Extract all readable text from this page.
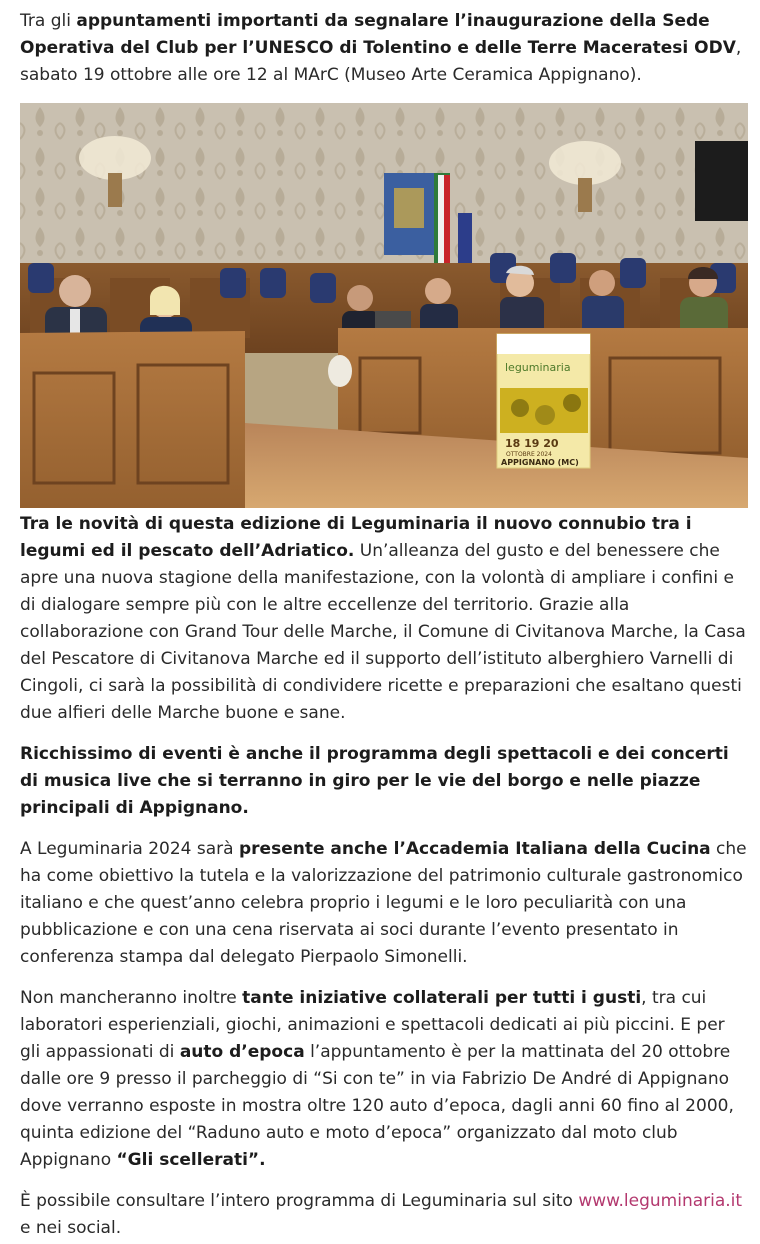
Tra gli appuntamenti importanti da segnalare l’inaugurazione della Sede Operativa del Club per l’UNESCO di Tolentino e delle Terre Maceratesi ODV, sabato 19 ottobre alle ore 12 al MArC (Museo Arte Ceramica Appignano).

leguminaria
18 19 20
OTTOBRE 2024
APPIGNANO (MC)

Tra le novità di questa edizione di Leguminaria il nuovo connubio tra i legumi ed il pescato dell’Adriatico. Un’alleanza del gusto e del benessere che apre una nuova stagione della manifestazione, con la volontà di ampliare i confini e di dialogare sempre più con le altre eccellenze del territorio. Grazie alla collaborazione con Grand Tour delle Marche, il Comune di Civitanova Marche, la Casa del Pescatore di Civitanova Marche ed il supporto dell’istituto alberghiero Varnelli di Cingoli, ci sarà la possibilità di condividere ricette e preparazioni che esaltano questi due alfieri delle Marche buone e sane.

Ricchissimo di eventi è anche il programma degli spettacoli e dei concerti di musica live che si terranno in giro per le vie del borgo e nelle piazze principali di Appignano.

A Leguminaria 2024 sarà presente anche l’Accademia Italiana della Cucina che ha come obiettivo la tutela e la valorizzazione del patrimonio culturale gastronomico italiano e che quest’anno celebra proprio i legumi e le loro peculiarità con una pubblicazione e con una cena riservata ai soci durante l’evento presentato in conferenza stampa dal delegato Pierpaolo Simonelli.

Non mancheranno inoltre tante iniziative collaterali per tutti i gusti, tra cui laboratori esperienziali, giochi, animazioni e spettacoli dedicati ai più piccini. E per gli appassionati di auto d’epoca l’appuntamento è per la mattinata del 20 ottobre dalle ore 9 presso il parcheggio di “Si con te” in via Fabrizio De André di Appignano dove verranno esposte in mostra oltre 120 auto d’epoca, dagli anni 60 fino al 2000, quinta edizione del “Raduno auto e moto d’epoca” organizzato dal moto club Appignano “Gli scellerati”.

È possibile consultare l’intero programma di Leguminaria sul sito www.leguminaria.it e nei social.
